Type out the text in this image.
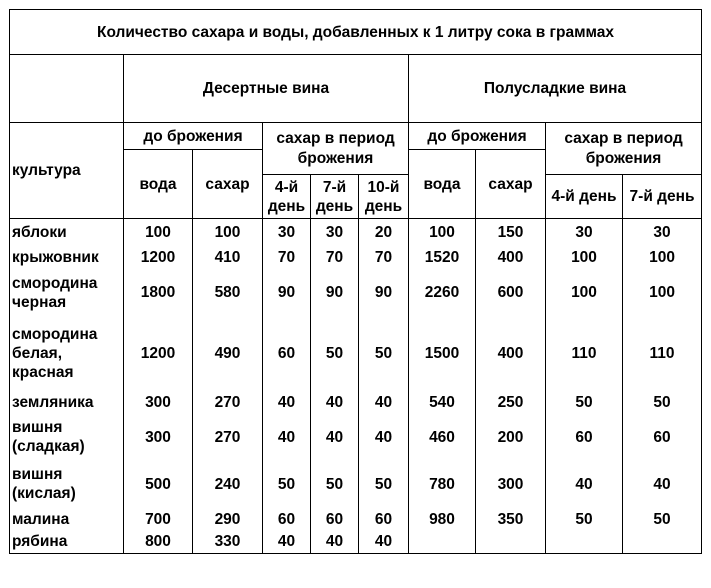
Количество сахара и воды, добавленных к 1 литру сока в граммах									
	Десертные вина					Полусладкие вина			
культура	до брожения		сахар в период брожения			до брожения		сахар в период брожения	
	вода	сахар				вода	сахар		
			4-й день	7-й день	10-й день			4-й день	7-й день
яблоки	100	100	30	30	20	100	150	30	30
крыжовник	1200	410	70	70	70	1520	400	100	100
смородина черная	1800	580	90	90	90	2260	600	100	100
смородина белая, красная	1200	490	60	50	50	1500	400	110	110
земляника	300	270	40	40	40	540	250	50	50
вишня (сладкая)	300	270	40	40	40	460	200	60	60
вишня (кислая)	500	240	50	50	50	780	300	40	40
малина	700	290	60	60	60	980	350	50	50
рябина	800	330	40	40	40				
